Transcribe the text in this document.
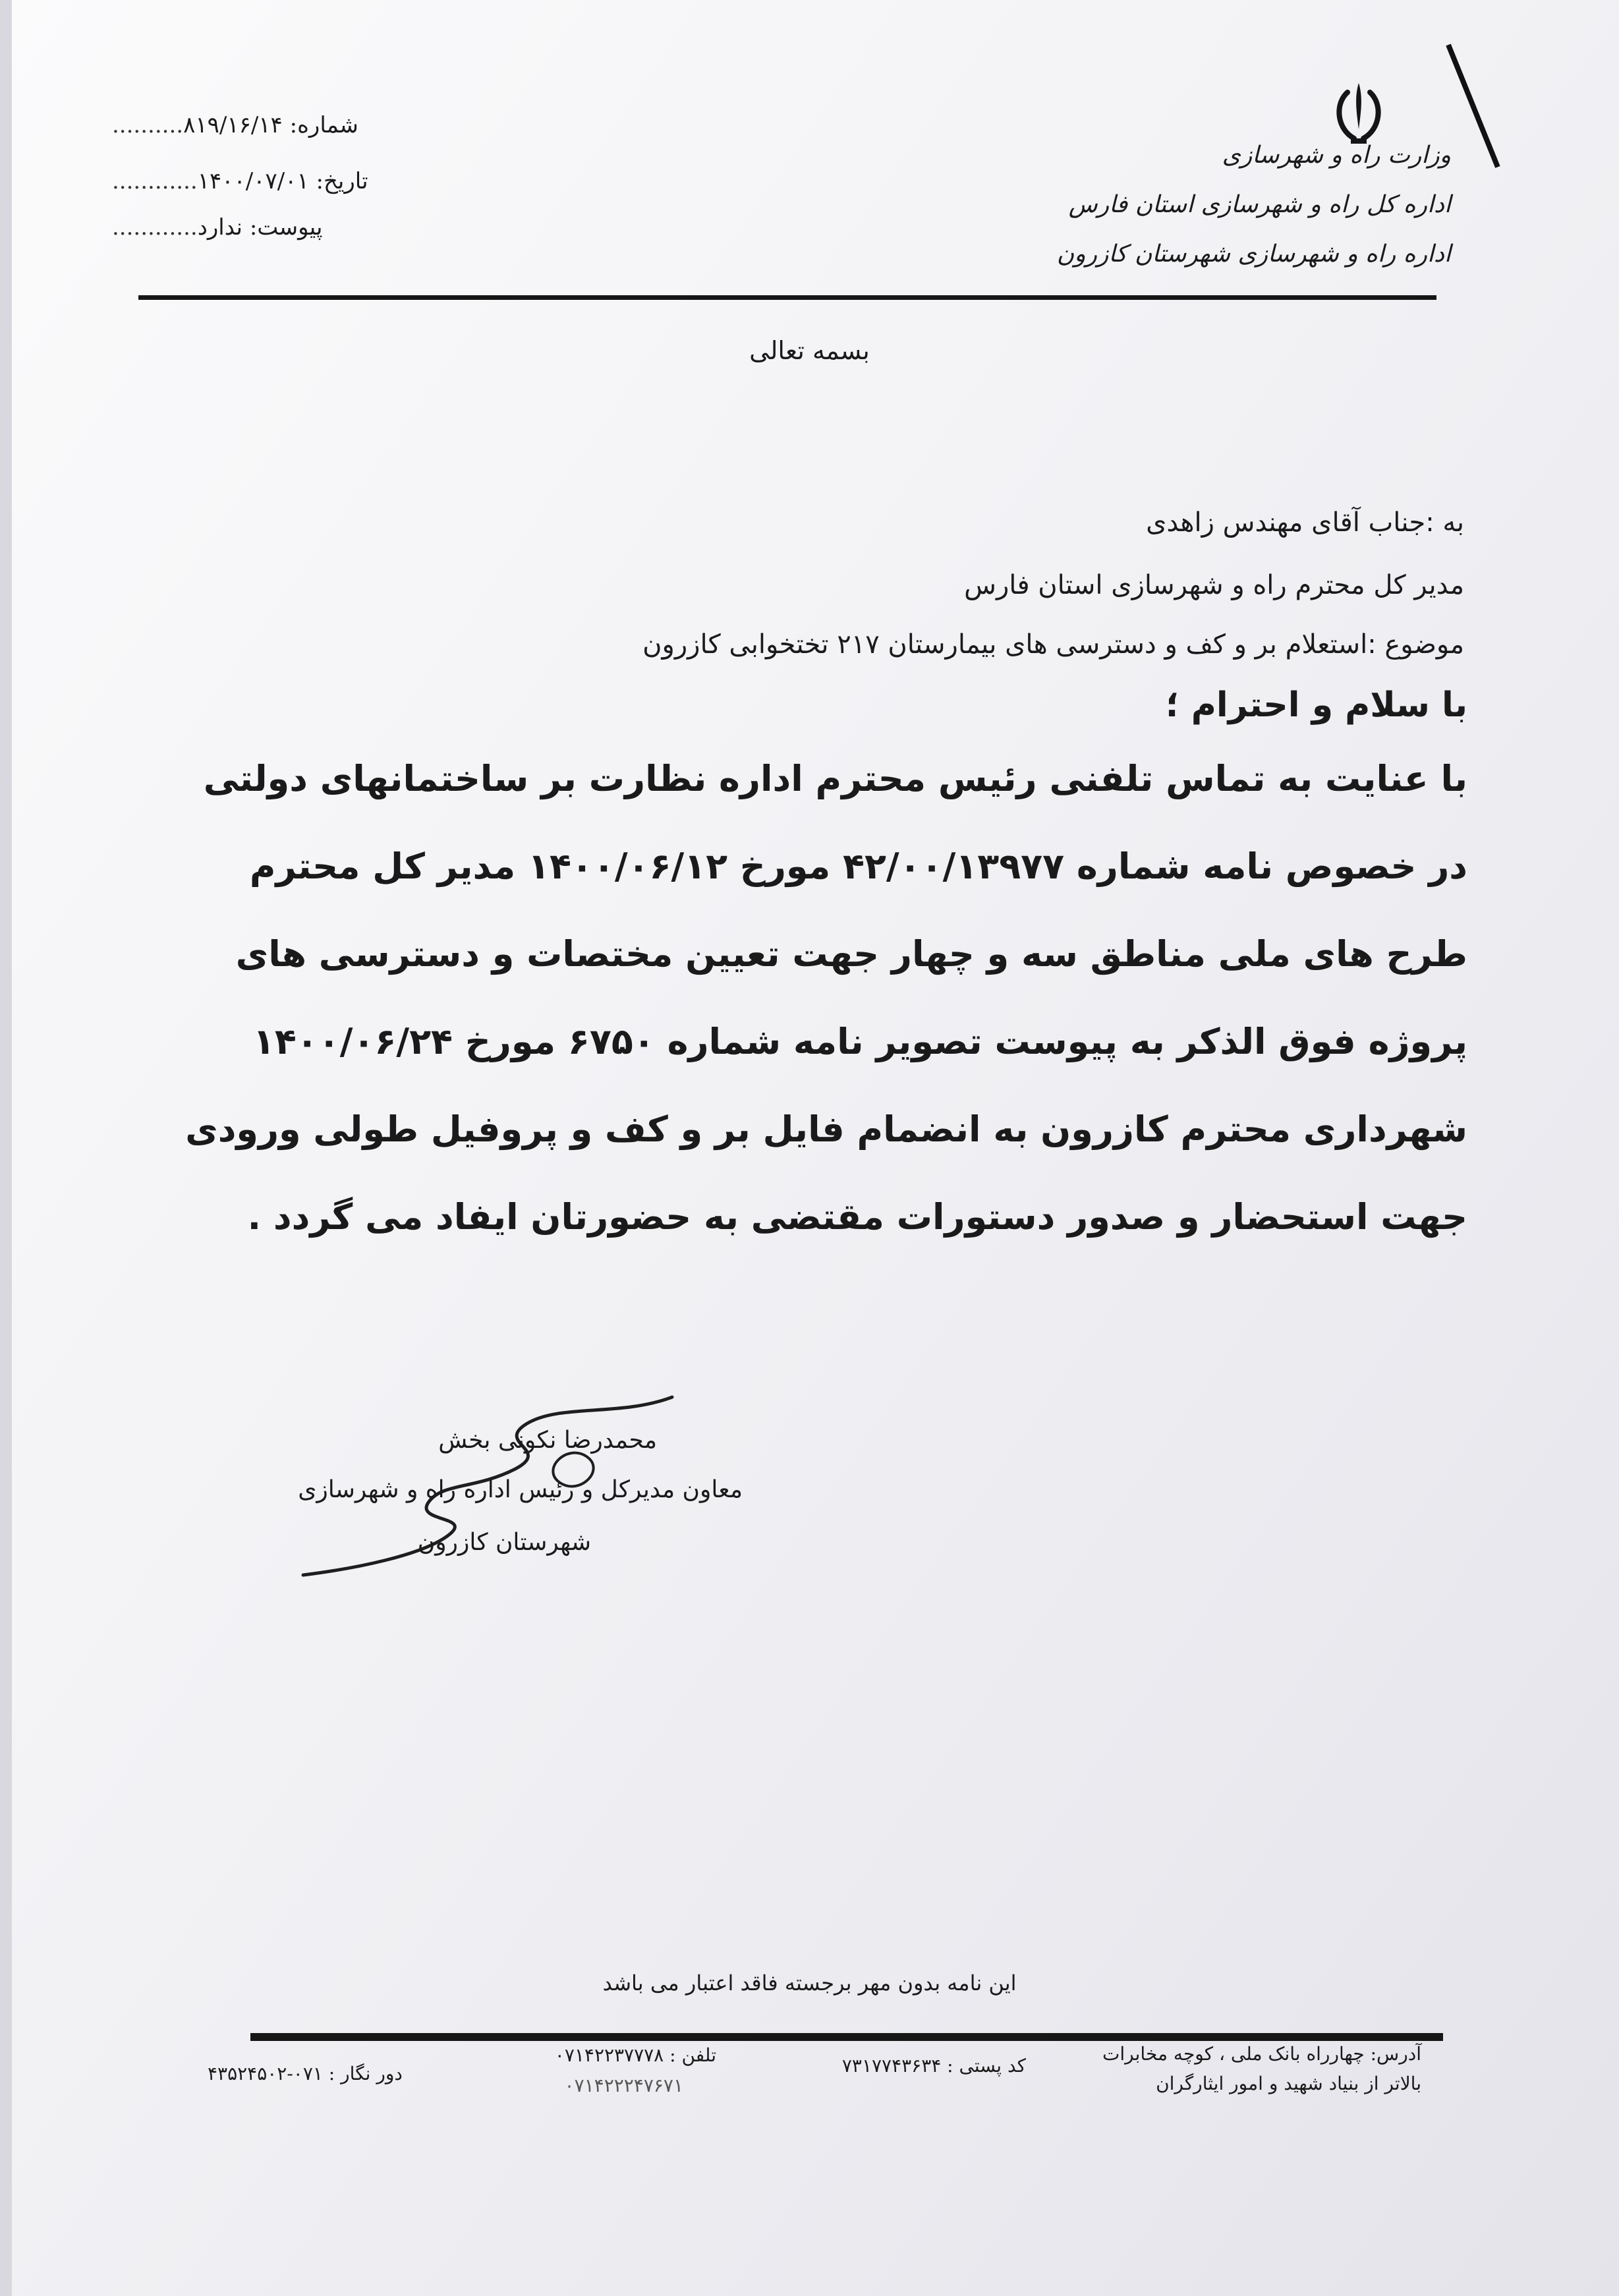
وزارت راه و شهرسازی
اداره کل راه و شهرسازی استان فارس
اداره راه و شهرسازی شهرستان کازرون
..........شماره: ۸۱۹/۱۶/۱۴
............تاریخ: ۱۴۰۰/۰۷/۰۱
............پیوست: ندارد
بسمه تعالی
به :جناب آقای مهندس زاهدی
مدیر کل محترم راه و شهرسازی استان فارس
موضوع :استعلام بر و کف و دسترسی های بیمارستان ۲۱۷ تختخوابی کازرون
با سلام و احترام ؛
با عنایت به تماس تلفنی رئیس محترم اداره نظارت بر ساختمانهای دولتی
در خصوص نامه شماره ۴۲/۰۰/۱۳۹۷۷ مورخ ۱۴۰۰/۰۶/۱۲ مدیر کل محترم
طرح های ملی مناطق سه و چهار جهت تعیین مختصات و دسترسی های
پروژه فوق الذکر به پیوست تصویر نامه شماره ۶۷۵۰ مورخ ۱۴۰۰/۰۶/۲۴
شهرداری محترم کازرون به انضمام فایل بر و کف و پروفیل طولی ورودی
جهت استحضار و صدور دستورات مقتضی به حضورتان ایفاد می گردد .
محمدرضا نکونی بخش
معاون مدیرکل و رئیس اداره راه و شهرسازی
شهرستان کازرون
این نامه بدون مهر برجسته فاقد اعتبار می باشد
آدرس: چهارراه بانک ملی ، کوچه مخابرات
بالاتر از بنیاد شهید و امور ایثارگران
کد پستی : ۷۳۱۷۷۴۳۶۳۴
تلفن : ۰۷۱۴۲۲۳۷۷۷۸
۰۷۱۴۲۲۲۴۷۶۷۱
دور نگار : ۰۷۱-۴۳۵۲۴۵۰۲
